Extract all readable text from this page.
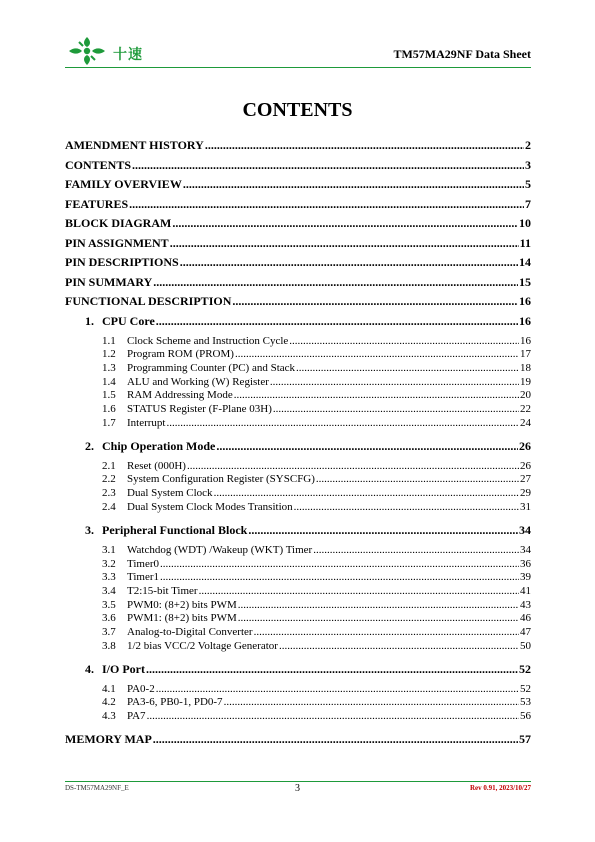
十速	TM57MA29NF Data Sheet
CONTENTS
AMENDMENT HISTORY .....	2
CONTENTS .....	3
FAMILY OVERVIEW .....	5
FEATURES .....	7
BLOCK DIAGRAM .....	10
PIN ASSIGNMENT .....	11
PIN DESCRIPTIONS .....	14
PIN SUMMARY .....	15
FUNCTIONAL DESCRIPTION .....	16
1. CPU Core .....	16
1.1	Clock Scheme and Instruction Cycle .....	16
1.2	Program ROM (PROM) .....	17
1.3	Programming Counter (PC) and Stack .....	18
1.4	ALU and Working (W) Register .....	19
1.5	RAM Addressing Mode .....	20
1.6	STATUS Register (F-Plane 03H) .....	22
1.7	Interrupt .....	24
2. Chip Operation Mode .....	26
2.1	Reset (000H) .....	26
2.2	System Configuration Register (SYSCFG) .....	27
2.3	Dual System Clock .....	29
2.4	Dual System Clock Modes Transition .....	31
3. Peripheral Functional Block .....	34
3.1	Watchdog (WDT) /Wakeup (WKT) Timer .....	34
3.2	Timer0 .....	36
3.3	Timer1 .....	39
3.4	T2:15-bit Timer .....	41
3.5	PWM0: (8+2) bits PWM .....	43
3.6	PWM1: (8+2) bits PWM .....	46
3.7	Analog-to-Digital Converter .....	47
3.8	1/2 bias VCC/2 Voltage Generator .....	50
4. I/O Port .....	52
4.1	PA0-2 .....	52
4.2	PA3-6, PB0-1, PD0-7 .....	53
4.3	PA7 .....	56
MEMORY MAP .....	57
DS-TM57MA29NF_E	3	Rev 0.91, 2023/10/27
